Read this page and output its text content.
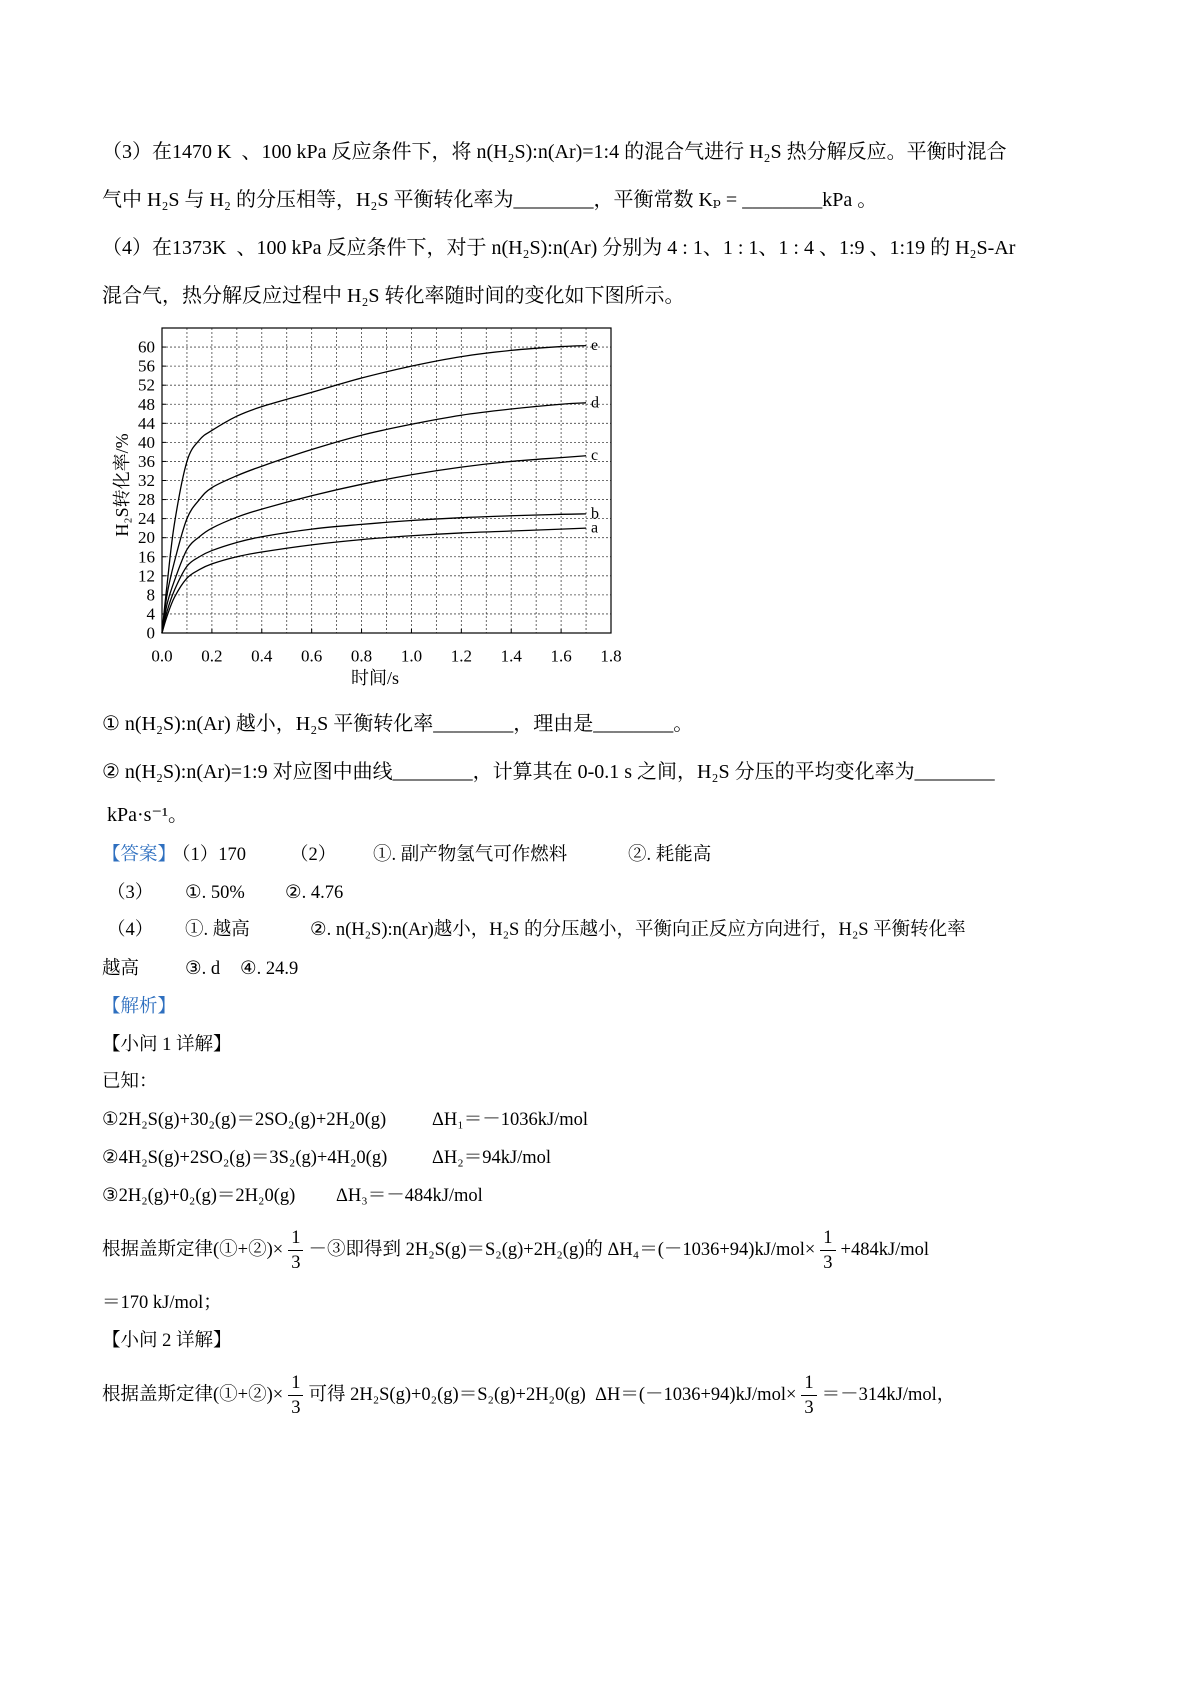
（3）在1470 K  、100 kPa 反应条件下，将 n(H₂S):n(Ar)=1:4 的混合气进行 H₂S 热分解反应。平衡时混合
气中 H₂S 与 H₂ 的分压相等，H₂S 平衡转化率为________，平衡常数 Kₚ = ________kPa 。
（4）在1373K  、100 kPa 反应条件下，对于 n(H₂S):n(Ar) 分别为 4 : 1、1 : 1、1 : 4 、1:9 、1:19 的 H₂S-Ar
混合气，热分解反应过程中 H₂S 转化率随时间的变化如下图所示。
0.0 0.2 0.4 0.6 0.8 1.0 1.2 1.4 1.6 1.8
0
4
8
12
16
20
24
28
32
36
40
44
48
52
56
60
a
b
c
d
e
时间/s
H₂S转化率/%
① n(H₂S):n(Ar) 越小，H₂S 平衡转化率________，理由是________。
② n(H₂S):n(Ar)=1:9 对应图中曲线________，计算其在 0-0.1 s 之间，H₂S 分压的平均变化率为________
kPa·s⁻¹。

【答案】

（1）170

（2）

①. 副产物氢气可作燃料

	②. 耗能高

（3）

①. 50%

②. 4.76

（4）

①. 越高

	②. n(H₂S):n(Ar)越小，H₂S 的分压越小，平衡向正反应方向进行，H₂S 平衡转化率

越高

③. d

④. 24.9

【解析】
【小问 1 详解】
已知：

①2H₂S(g)+30₂(g)＝2SO₂(g)+2H₂0(g)

ΔH₁＝－1036kJ/mol

②4H₂S(g)+2SO₂(g)＝3S₂(g)+4H₂0(g)

ΔH₂＝94kJ/mol

③2H₂(g)+0₂(g)＝2H₂0(g)

ΔH₃＝－484kJ/mol

根据盖斯定律(①+②)× $\frac{1}{3}$ －③即得到 2H₂S(g)＝S₂(g)+2H₂(g)的 $\Delta H_4=(-1036+94)kJ/mol\times \frac{1}{3} +484kJ/mol$
＝170 kJ/mol；
【小问 2 详解】
根据盖斯定律(①+②)× $\frac{1}{3}$ 可得 2H₂S(g)+0₂(g)＝S₂(g)+2H₂0(g)  $\Delta H=(-1036+94)kJ/mol\times \frac{1}{3} =-314kJ/mol$，
